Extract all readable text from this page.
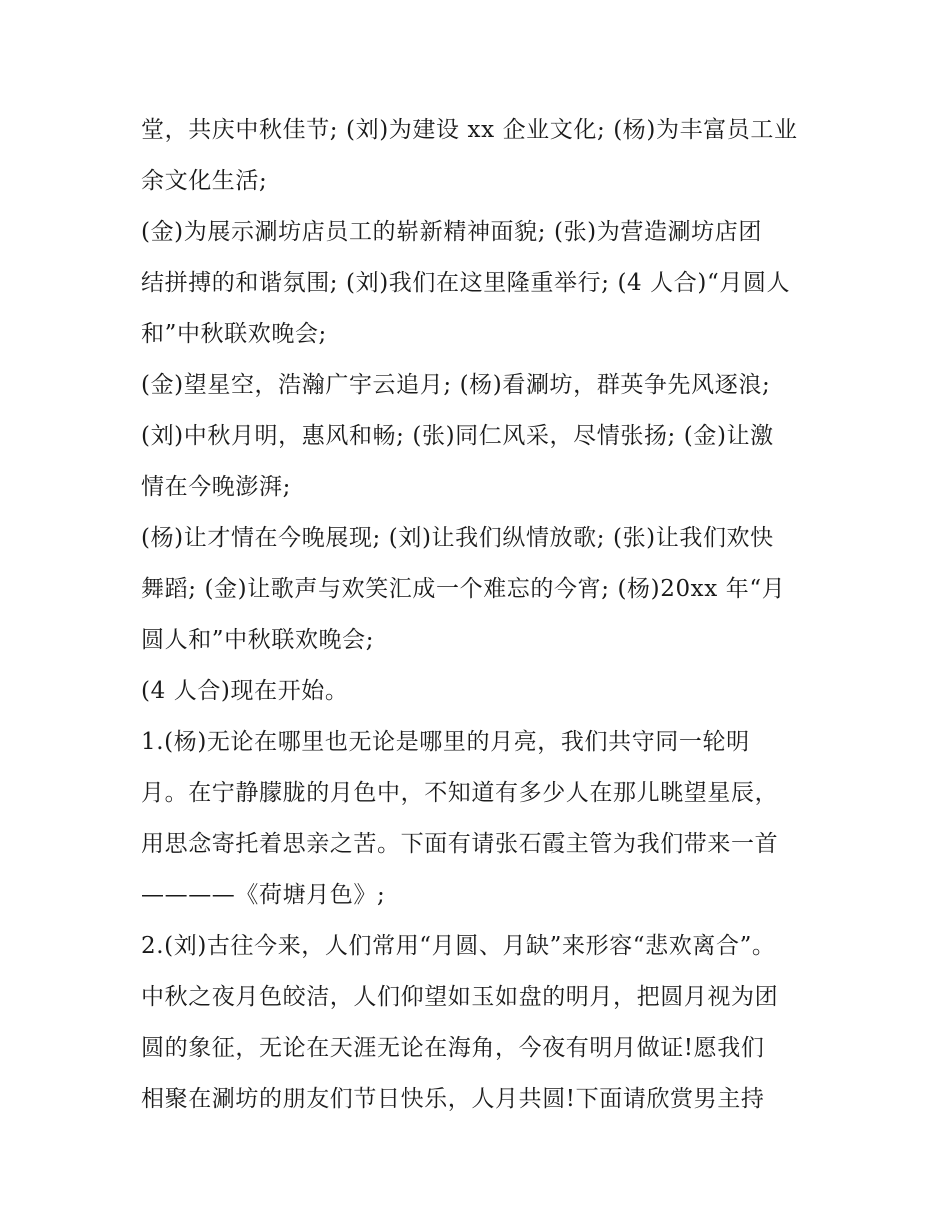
堂，共庆中秋佳节; (刘)为建设 xx 企业文化; (杨)为丰富员工业
余文化生活;
(金)为展示涮坊店员工的崭新精神面貌; (张)为营造涮坊店团
结拼搏的和谐氛围; (刘)我们在这里隆重举行; (4 人合)“月圆人
和”中秋联欢晚会;
(金)望星空，浩瀚广宇云追月; (杨)看涮坊，群英争先风逐浪;
(刘)中秋月明，惠风和畅; (张)同仁风采，尽情张扬; (金)让激
情在今晚澎湃;
(杨)让才情在今晚展现; (刘)让我们纵情放歌; (张)让我们欢快
舞蹈; (金)让歌声与欢笑汇成一个难忘的今宵; (杨)20xx 年“月
圆人和”中秋联欢晚会;
(4 人合)现在开始。
1.(杨)无论在哪里也无论是哪里的月亮，我们共守同一轮明
月。在宁静朦胧的月色中，不知道有多少人在那儿眺望星辰，
用思念寄托着思亲之苦。下面有请张石霞主管为我们带来一首
————《荷塘月色》;
2.(刘)古往今来，人们常用“月圆、月缺”来形容“悲欢离合”。
中秋之夜月色皎洁，人们仰望如玉如盘的明月，把圆月视为团
圆的象征，无论在天涯无论在海角，今夜有明月做证!愿我们
相聚在涮坊的朋友们节日快乐，人月共圆!下面请欣赏男主持
